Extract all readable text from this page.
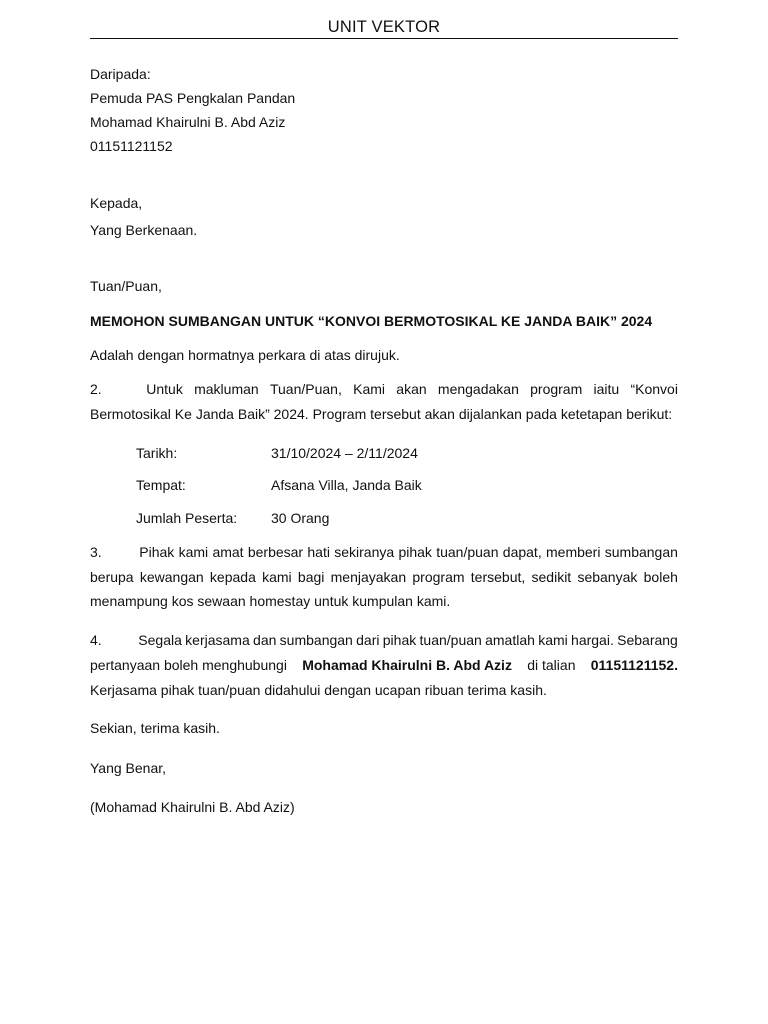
UNIT VEKTOR
Daripada:
Pemuda PAS Pengkalan Pandan
Mohamad Khairulni B. Abd Aziz
01151121152
Kepada,
Yang Berkenaan.
Tuan/Puan,
MEMOHON SUMBANGAN UNTUK “KONVOI BERMOTOSIKAL KE JANDA BAIK” 2024
Adalah dengan hormatnya perkara di atas dirujuk.
2.	Untuk makluman Tuan/Puan, Kami akan mengadakan program iaitu “Konvoi
Bermotosikal Ke Janda Baik” 2024. Program tersebut akan dijalankan pada ketetapan berikut:
Tarikh:	31/10/2024 – 2/11/2024
Tempat:	Afsana Villa, Janda Baik
Jumlah Peserta: 30 Orang
3.	Pihak kami amat berbesar hati sekiranya pihak tuan/puan dapat, memberi sumbangan
berupa kewangan kepada kami bagi menjayakan program tersebut, sedikit sebanyak boleh
menampung kos sewaan homestay untuk kumpulan kami.
4.	Segala kerjasama dan sumbangan dari pihak tuan/puan amatlah kami hargai. Sebarang
pertanyaan boleh menghubungi Mohamad Khairulni B. Abd Aziz di talian 01151121152.
Kerjasama pihak tuan/puan didahului dengan ucapan ribuan terima kasih.
Sekian, terima kasih.
Yang Benar,
(Mohamad Khairulni B. Abd Aziz)
